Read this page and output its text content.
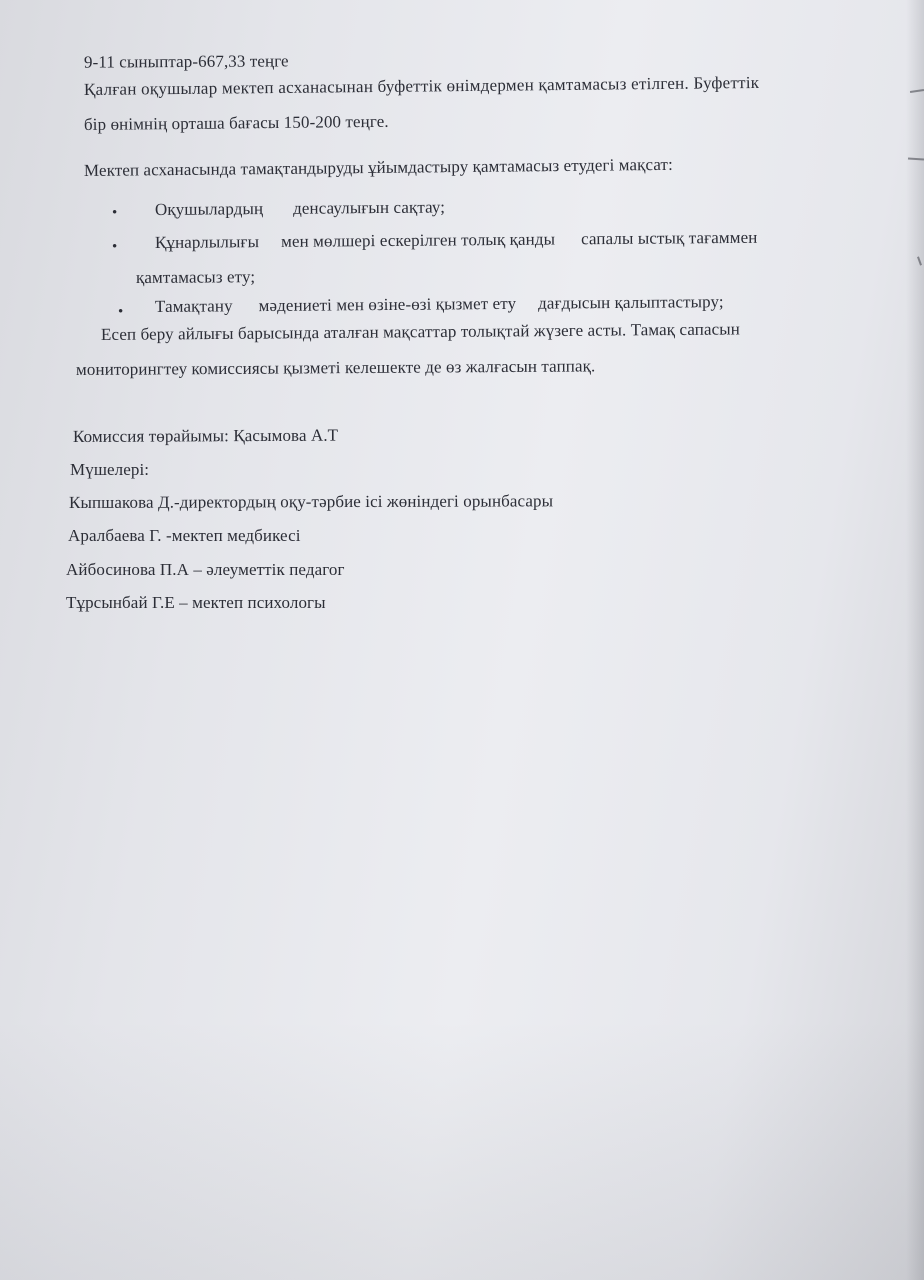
9-11 сыныптар-667,33 теңге
Қалған оқушылар мектеп асханасынан буфеттік өнімдермен қамтамасыз етілген. Буфеттік
бір өнімнің орташа бағасы 150-200 теңге.
Мектеп асханасында тамақтандыруды ұйымдастыру қамтамасыз етудегі мақсат:
• Оқушылардың денсаулығын сақтау;
• Құнарлылығы мен мөлшері ескерілген толық қанды сапалы ыстық тағаммен
қамтамасыз ету;
• Тамақтану мәдениеті мен өзіне-өзі қызмет ету дағдысын қалыптастыру;
Есеп беру айлығы барысында аталған мақсаттар толықтай жүзеге асты. Тамақ сапасын
мониторингтеу комиссиясы қызметі келешекте де өз жалғасын таппақ.
Комиссия төрайымы: Қасымова А.Т
Мүшелері:
Кыпшакова Д.-директордың оқу-тәрбие ісі жөніндегі орынбасары
Аралбаева Г. -мектеп медбикесі
Айбосинова П.А – әлеуметтік педагог
Тұрсынбай Г.Е – мектеп психологы
